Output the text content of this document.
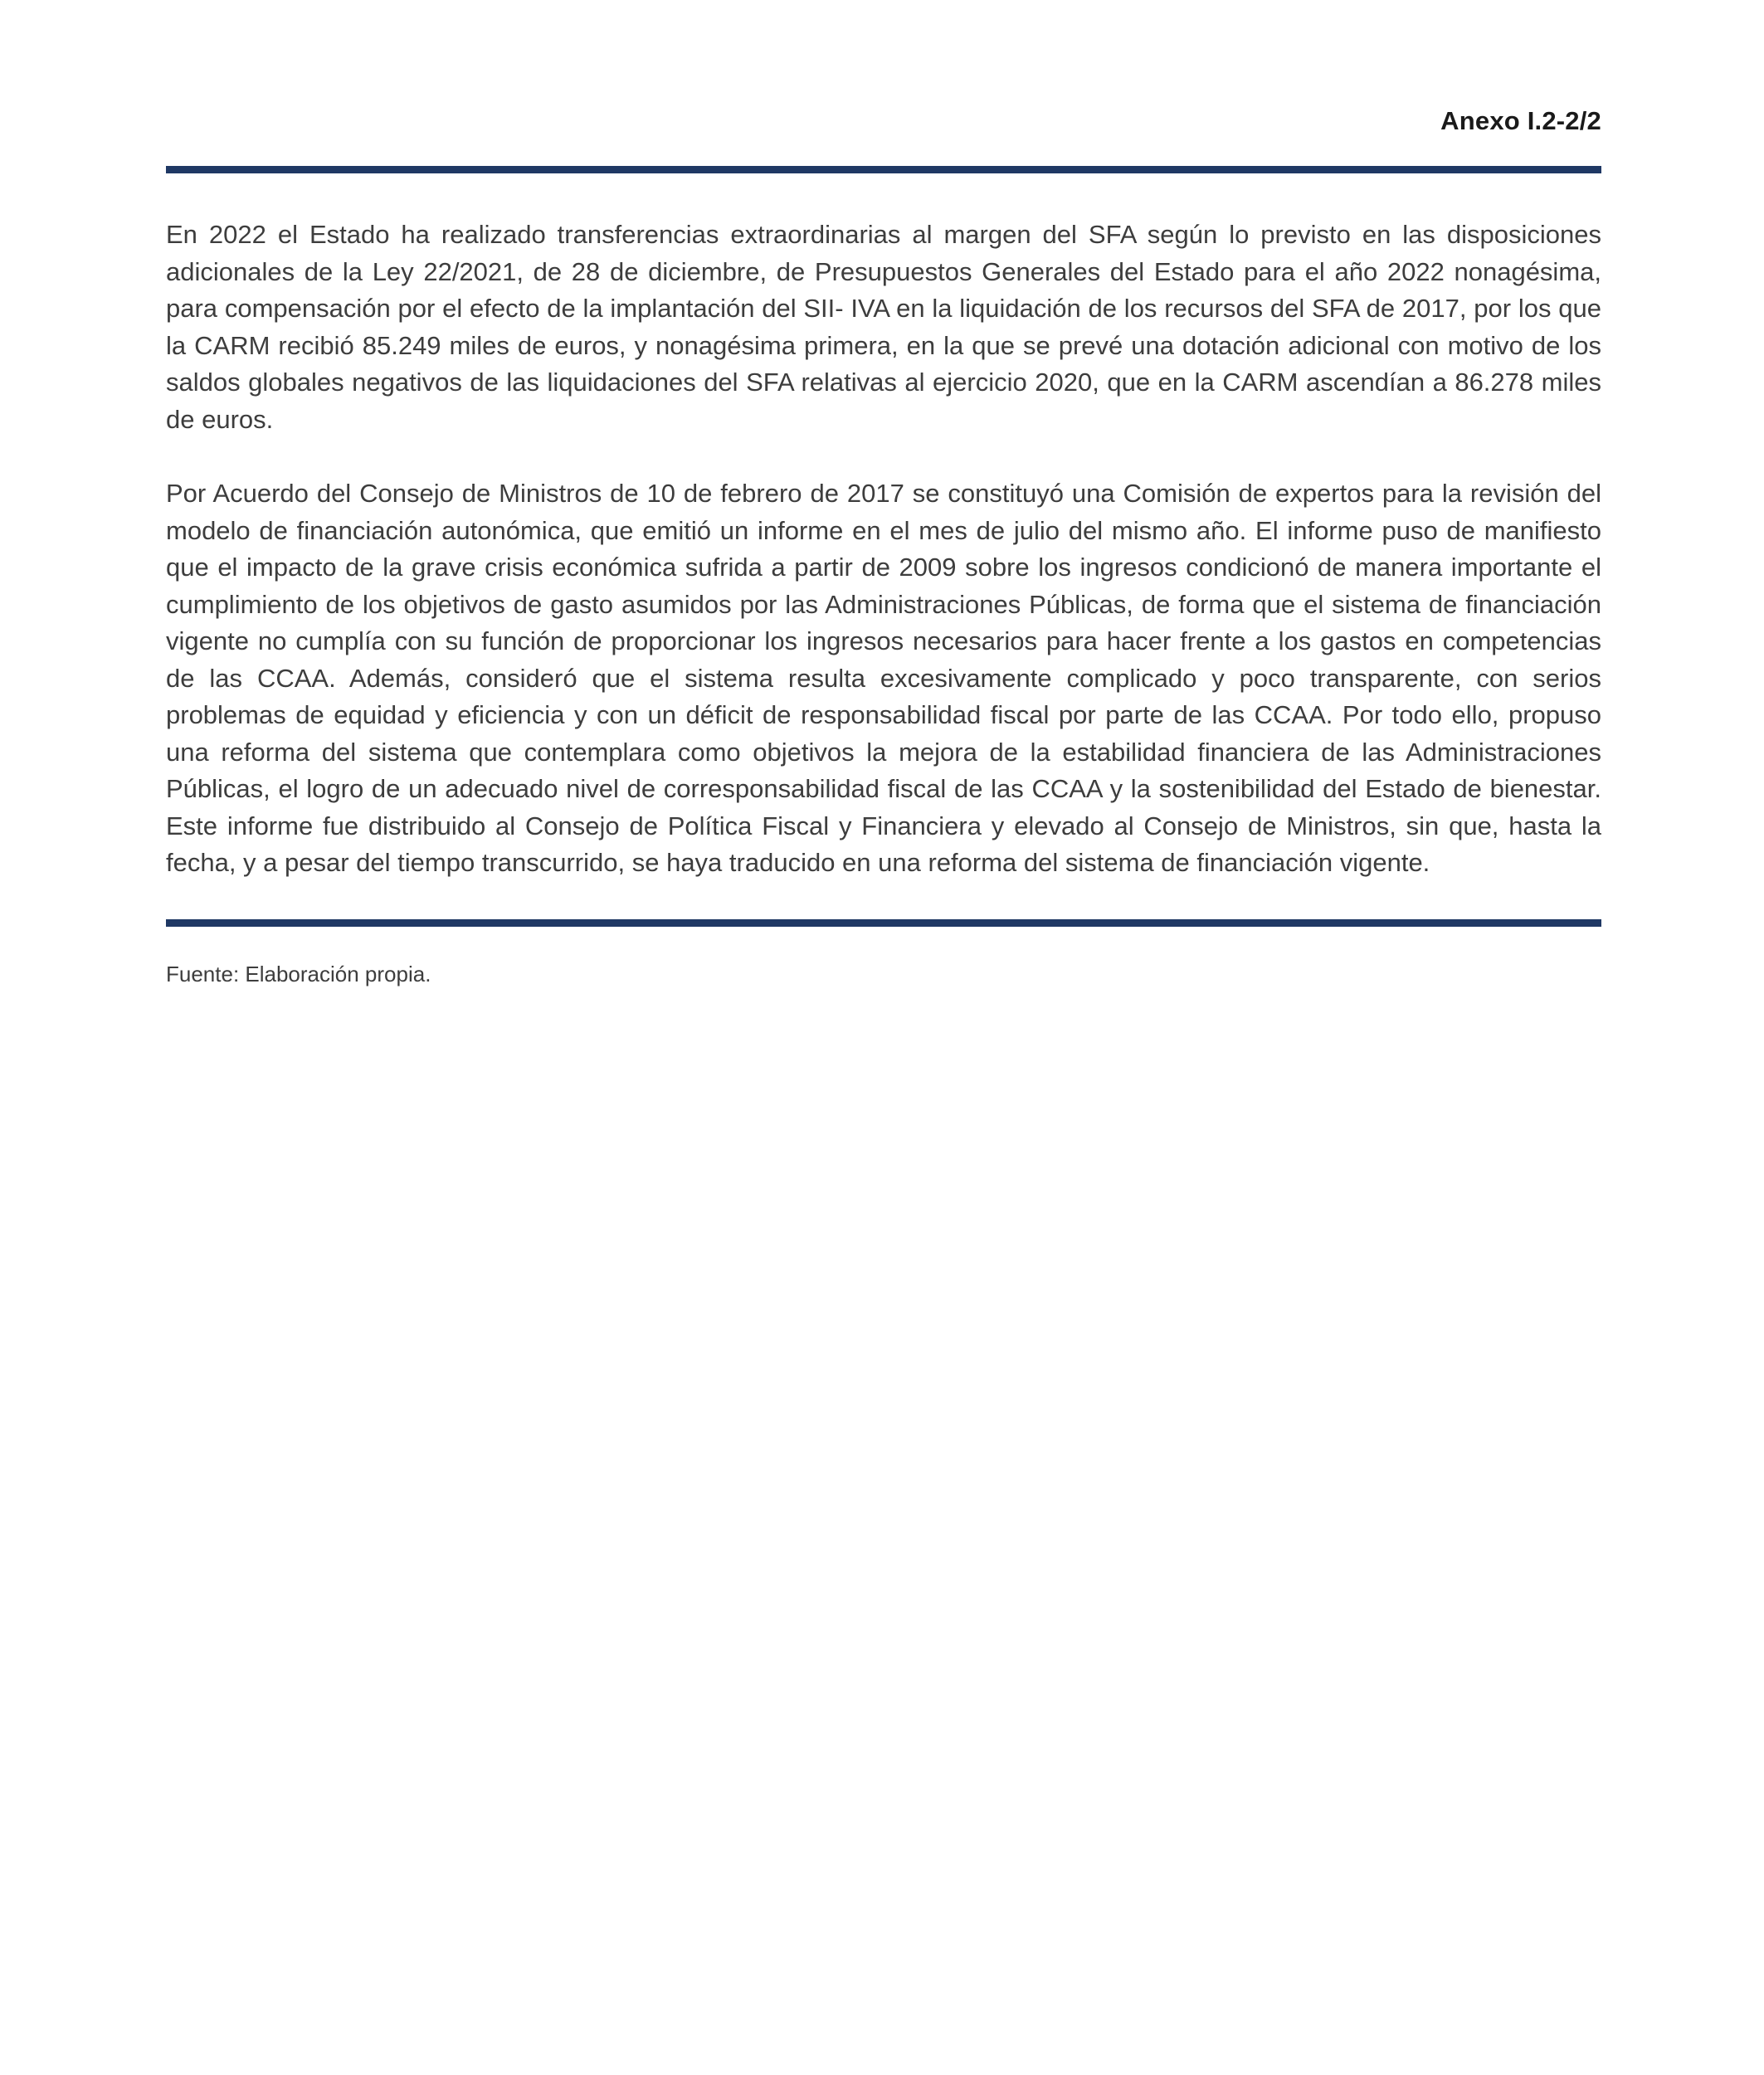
Anexo I.2-2/2

En 2022 el Estado ha realizado transferencias extraordinarias al margen del SFA según lo previsto en las disposiciones adicionales de la Ley 22/2021, de 28 de diciembre, de Presupuestos Generales del Estado para el año 2022 nonagésima, para compensación por el efecto de la implantación del SII- IVA en la liquidación de los recursos del SFA de 2017, por los que la CARM recibió 85.249 miles de euros, y nonagésima primera, en la que se prevé una dotación adicional con motivo de los saldos globales negativos de las liquidaciones del SFA relativas al ejercicio 2020, que en la CARM ascendían a 86.278 miles de euros.

Por Acuerdo del Consejo de Ministros de 10 de febrero de 2017 se constituyó una Comisión de expertos para la revisión del modelo de financiación autonómica, que emitió un informe en el mes de julio del mismo año. El informe puso de manifiesto que el impacto de la grave crisis económica sufrida a partir de 2009 sobre los ingresos condicionó de manera importante el cumplimiento de los objetivos de gasto asumidos por las Administraciones Públicas, de forma que el sistema de financiación vigente no cumplía con su función de proporcionar los ingresos necesarios para hacer frente a los gastos en competencias de las CCAA. Además, consideró que el sistema resulta excesivamente complicado y poco transparente, con serios problemas de equidad y eficiencia y con un déficit de responsabilidad fiscal por parte de las CCAA. Por todo ello, propuso una reforma del sistema que contemplara como objetivos la mejora de la estabilidad financiera de las Administraciones Públicas, el logro de un adecuado nivel de corresponsabilidad fiscal de las CCAA y la sostenibilidad del Estado de bienestar. Este informe fue distribuido al Consejo de Política Fiscal y Financiera y elevado al Consejo de Ministros, sin que, hasta la fecha, y a pesar del tiempo transcurrido, se haya traducido en una reforma del sistema de financiación vigente.

Fuente: Elaboración propia.
